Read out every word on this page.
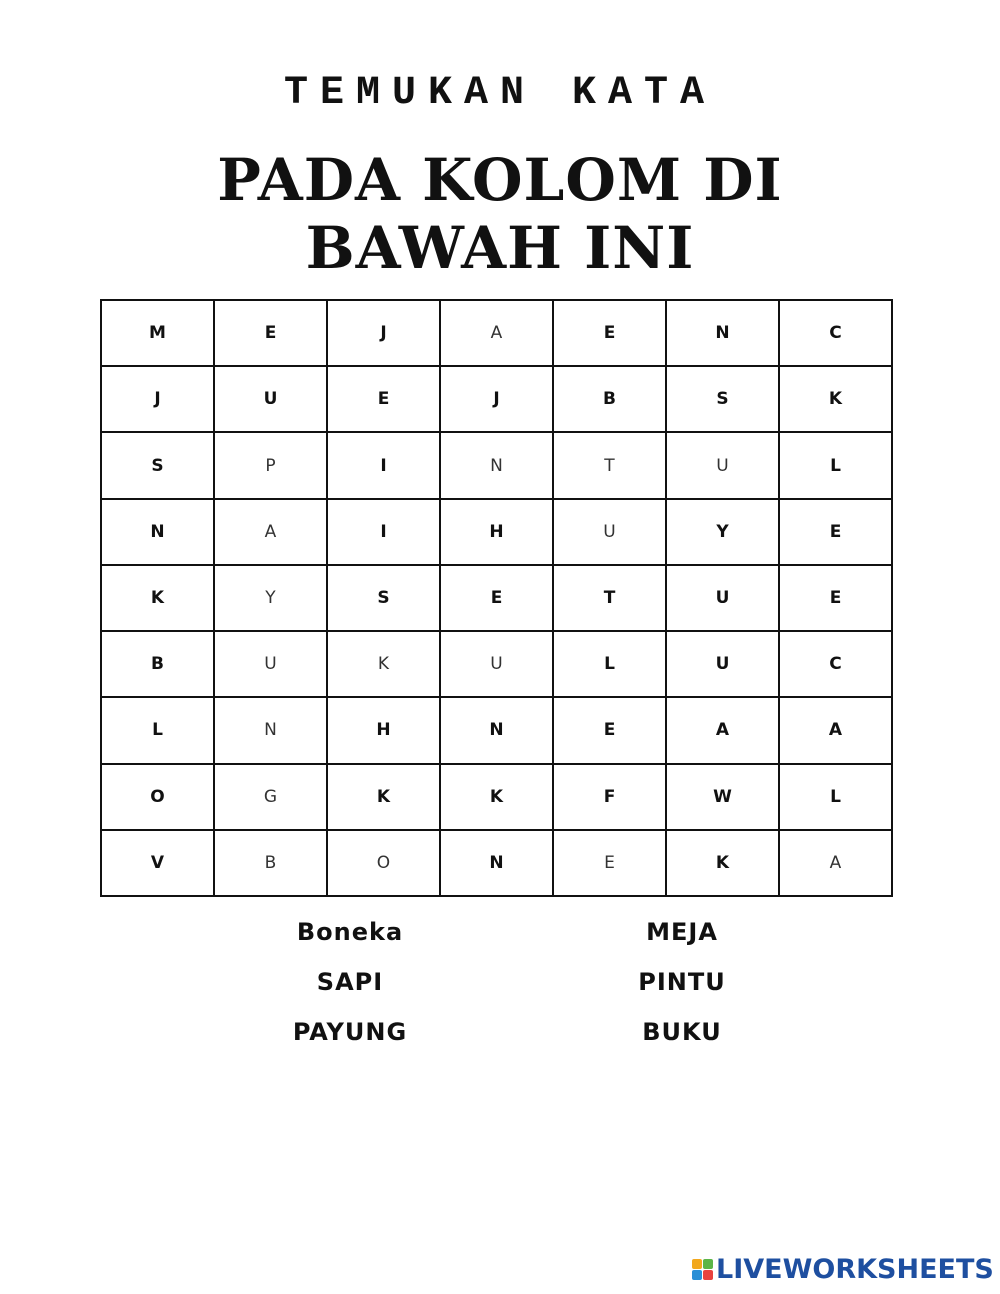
TEMUKAN KATA
PADA KOLOM DI
BAWAH INI
M	E	J	A	E	N	C
J	U	E	J	B	S	K
S	P	I	N	T	U	L
N	A	I	H	U	Y	E
K	Y	S	E	T	U	E
B	U	K	U	L	U	C
L	N	H	N	E	A	A
O	G	K	K	F	W	L
V	B	O	N	E	K	A
Boneka
SAPI
PAYUNG
MEJA
PINTU
BUKU
LIVEWORKSHEETS
